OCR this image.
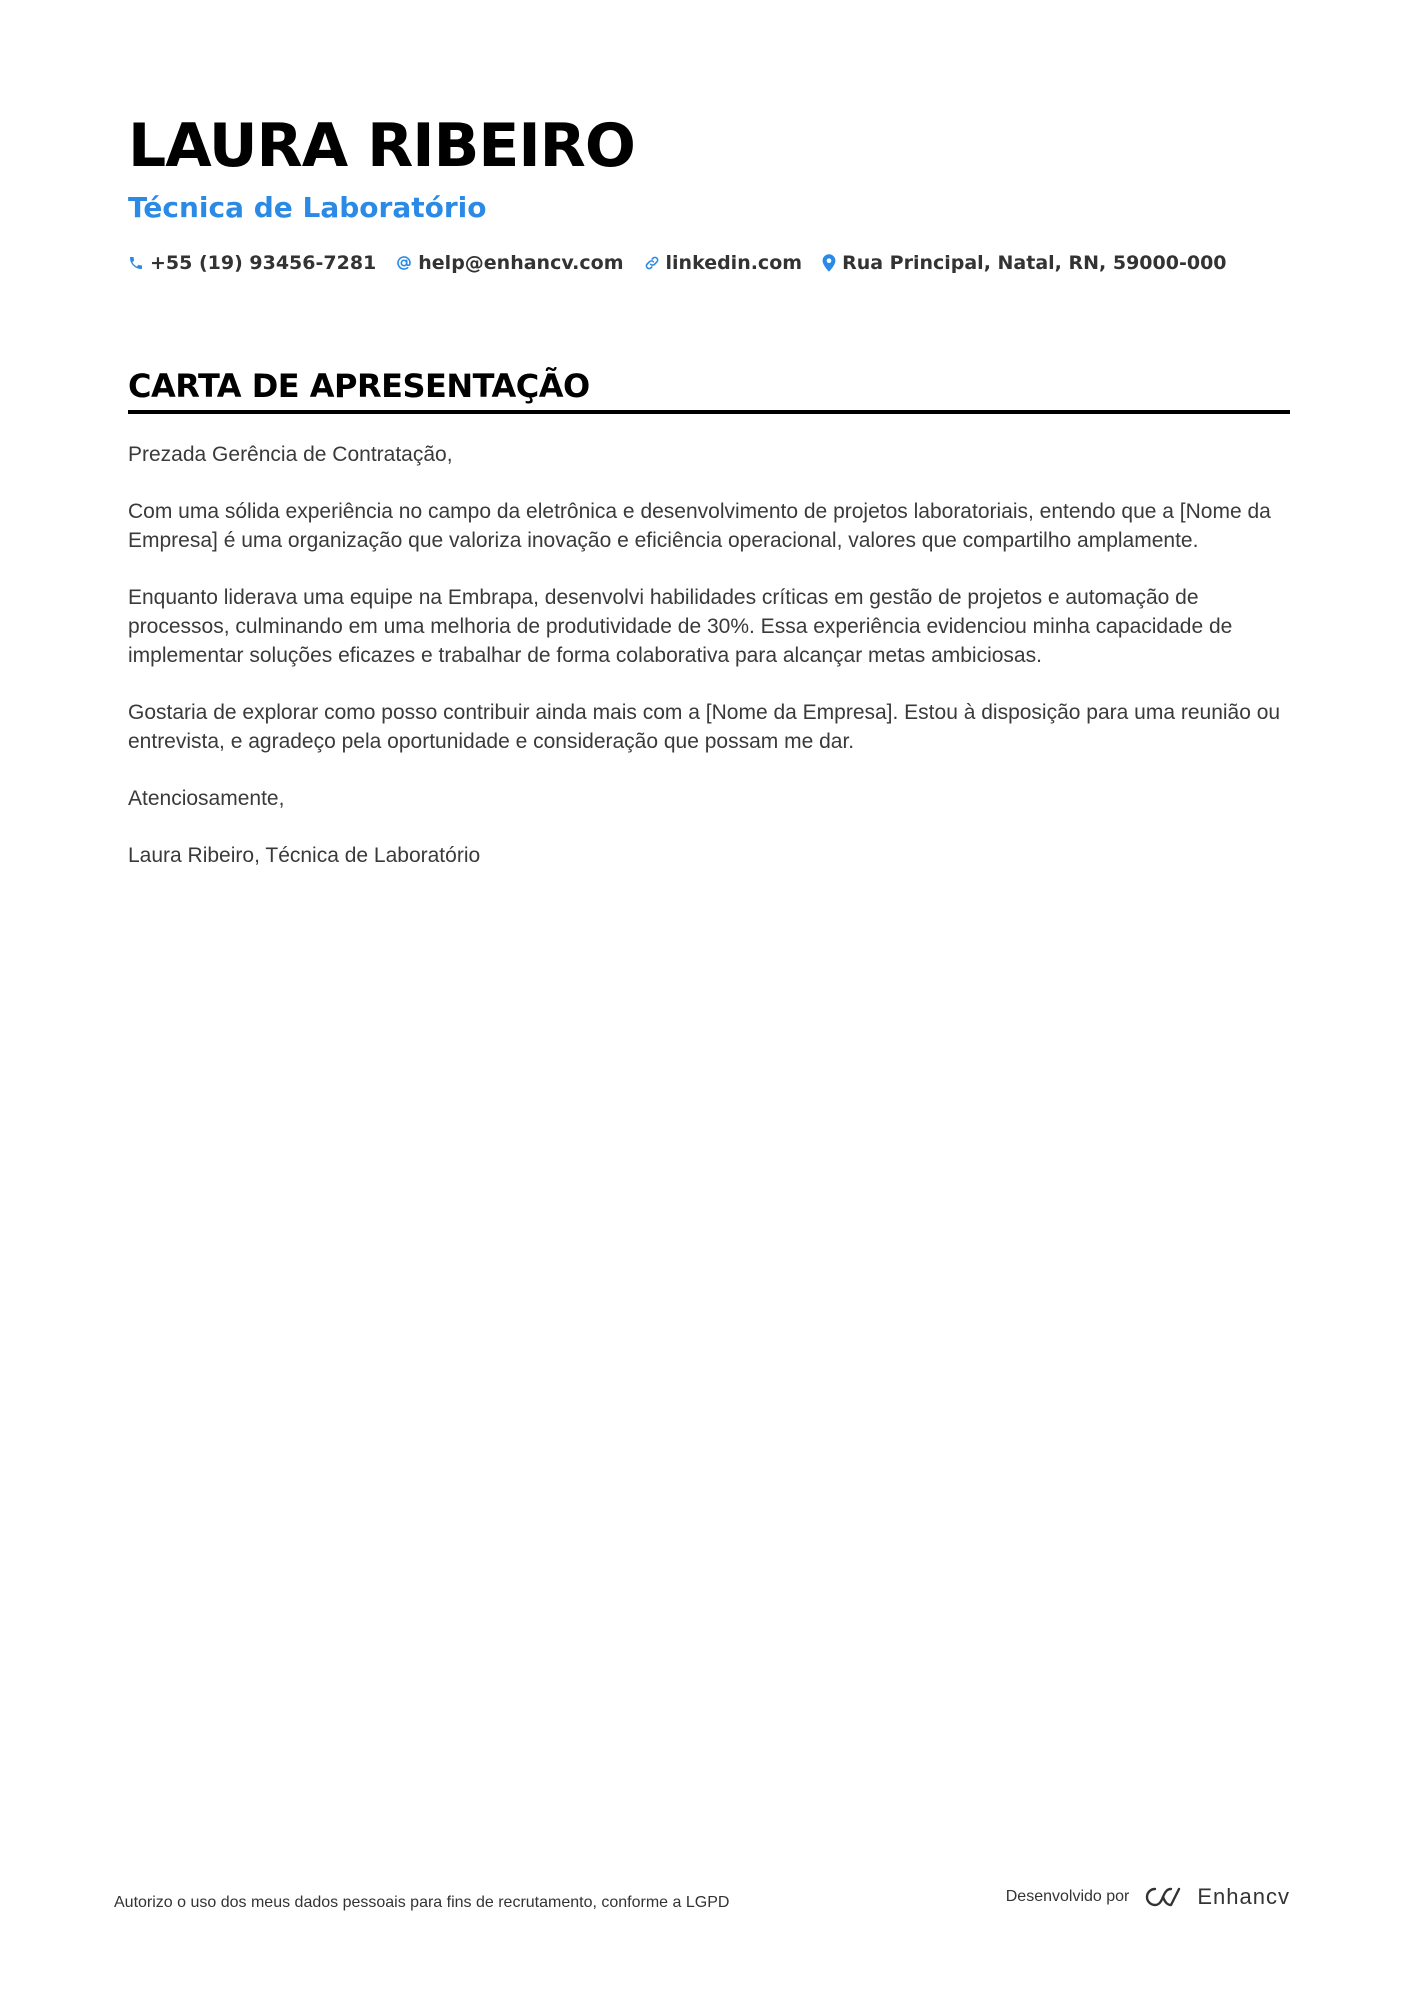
LAURA RIBEIRO
Técnica de Laboratório
+55 (19) 93456-7281 help@enhancv.com linkedin.com Rua Principal, Natal, RN, 59000-000
CARTA DE APRESENTAÇÃO

Prezada Gerência de Contratação,

Com uma sólida experiência no campo da eletrônica e desenvolvimento de projetos laboratoriais, entendo que a [Nome da Empresa] é uma organização que valoriza inovação e eficiência operacional, valores que compartilho amplamente.

Enquanto liderava uma equipe na Embrapa, desenvolvi habilidades críticas em gestão de projetos e automação de processos, culminando em uma melhoria de produtividade de 30%. Essa experiência evidenciou minha capacidade de implementar soluções eficazes e trabalhar de forma colaborativa para alcançar metas ambiciosas.

Gostaria de explorar como posso contribuir ainda mais com a [Nome da Empresa]. Estou à disposição para uma reunião ou entrevista, e agradeço pela oportunidade e consideração que possam me dar.

Atenciosamente,

Laura Ribeiro, Técnica de Laboratório

Autorizo o uso dos meus dados pessoais para fins de recrutamento, conforme a LGPD	Desenvolvido por	Enhancv
